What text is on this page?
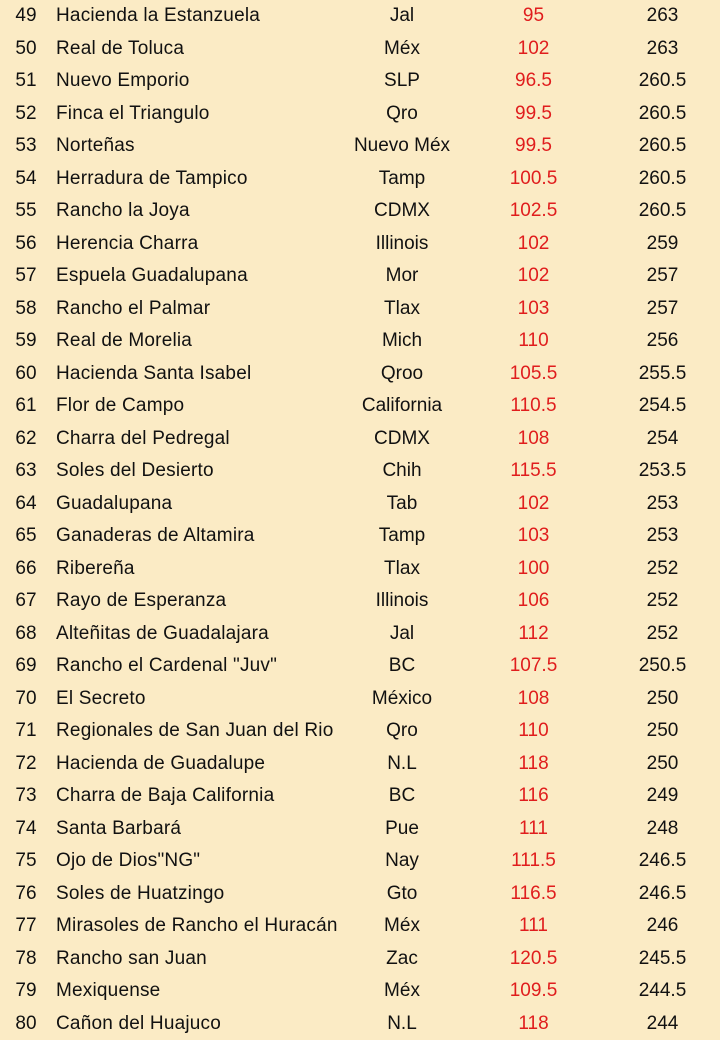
49	Hacienda la Estanzuela	Jal	95	263
50	Real de Toluca	Méx	102	263
51	Nuevo Emporio	SLP	96.5	260.5
52	Finca el Triangulo	Qro	99.5	260.5
53	Norteñas	Nuevo Méx	99.5	260.5
54	Herradura de Tampico	Tamp	100.5	260.5
55	Rancho la Joya	CDMX	102.5	260.5
56	Herencia Charra	Illinois	102	259
57	Espuela Guadalupana	Mor	102	257
58	Rancho el Palmar	Tlax	103	257
59	Real de Morelia	Mich	110	256
60	Hacienda Santa Isabel	Qroo	105.5	255.5
61	Flor de Campo	California	110.5	254.5
62	Charra del Pedregal	CDMX	108	254
63	Soles del Desierto	Chih	115.5	253.5
64	Guadalupana	Tab	102	253
65	Ganaderas de Altamira	Tamp	103	253
66	Ribereña	Tlax	100	252
67	Rayo de Esperanza	Illinois	106	252
68	Alteñitas de Guadalajara	Jal	112	252
69	Rancho el Cardenal "Juv"	BC	107.5	250.5
70	El Secreto	México	108	250
71	Regionales de San Juan del Rio	Qro	110	250
72	Hacienda de Guadalupe	N.L	118	250
73	Charra de Baja California	BC	116	249
74	Santa Barbará	Pue	111	248
75	Ojo de Dios"NG"	Nay	111.5	246.5
76	Soles de Huatzingo	Gto	116.5	246.5
77	Mirasoles de Rancho el Huracán	Méx	111	246
78	Rancho san Juan	Zac	120.5	245.5
79	Mexiquense	Méx	109.5	244.5
80	Cañon del Huajuco	N.L	118	244
